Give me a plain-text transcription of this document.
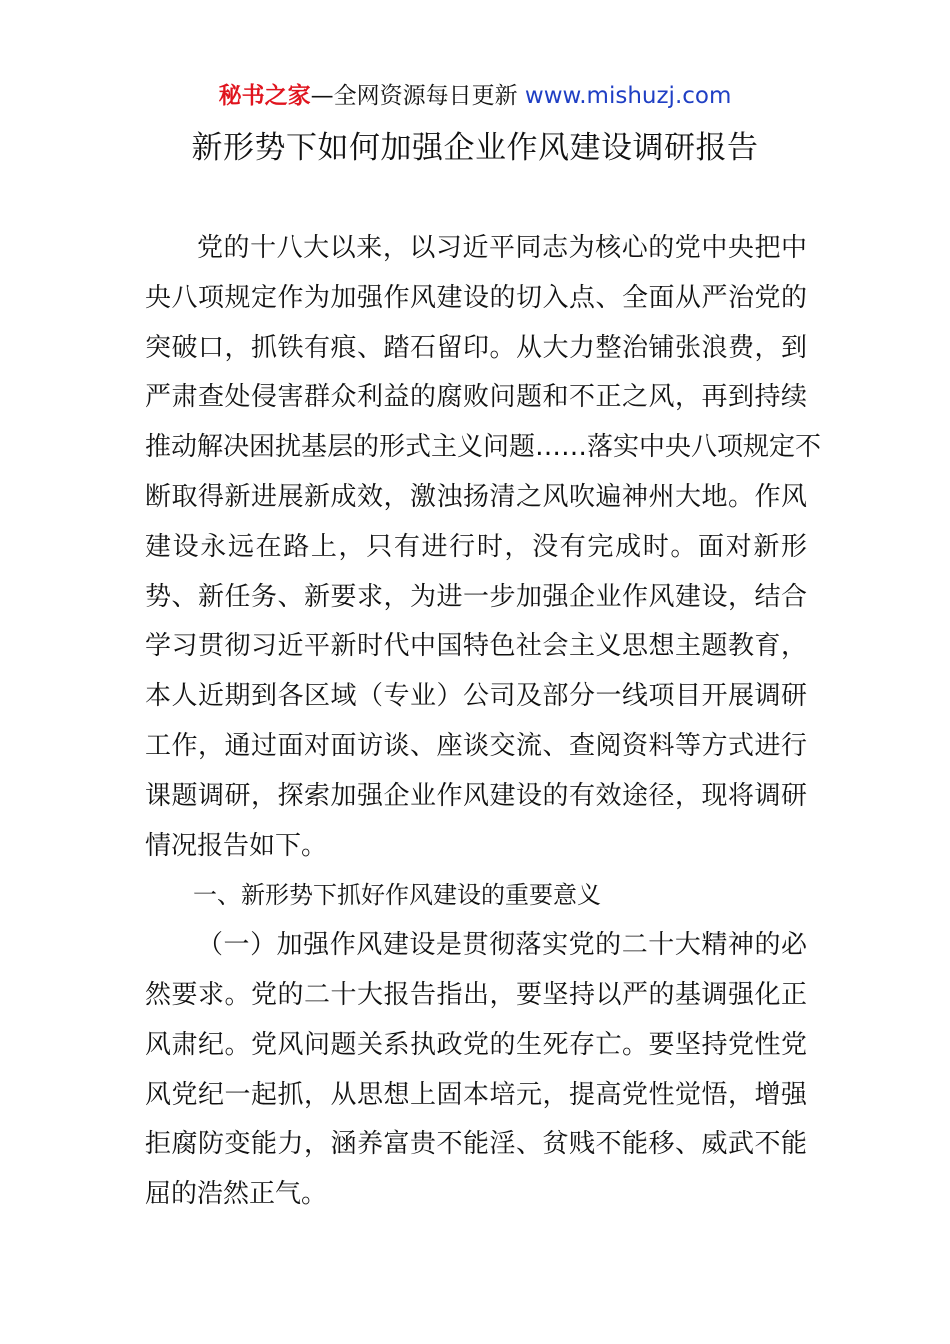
秘书之家—全网资源每日更新 www.mishuzj.com
新形势下如何加强企业作风建设调研报告
党的十八大以来，以习近平同志为核心的党中央把中
央八项规定作为加强作风建设的切入点、全面从严治党的
突破口，抓铁有痕、踏石留印。从大力整治铺张浪费，到
严肃查处侵害群众利益的腐败问题和不正之风，再到持续
推动解决困扰基层的形式主义问题……落实中央八项规定不
断取得新进展新成效，激浊扬清之风吹遍神州大地。作风
建设永远在路上，只有进行时，没有完成时。面对新形
势、新任务、新要求，为进一步加强企业作风建设，结合
学习贯彻习近平新时代中国特色社会主义思想主题教育，
本人近期到各区域（专业）公司及部分一线项目开展调研
工作，通过面对面访谈、座谈交流、查阅资料等方式进行
课题调研，探索加强企业作风建设的有效途径，现将调研
情况报告如下。
一、新形势下抓好作风建设的重要意义
（一）加强作风建设是贯彻落实党的二十大精神的必
然要求。党的二十大报告指出，要坚持以严的基调强化正
风肃纪。党风问题关系执政党的生死存亡。要坚持党性党
风党纪一起抓，从思想上固本培元，提高党性觉悟，增强
拒腐防变能力，涵养富贵不能淫、贫贱不能移、威武不能
屈的浩然正气。
